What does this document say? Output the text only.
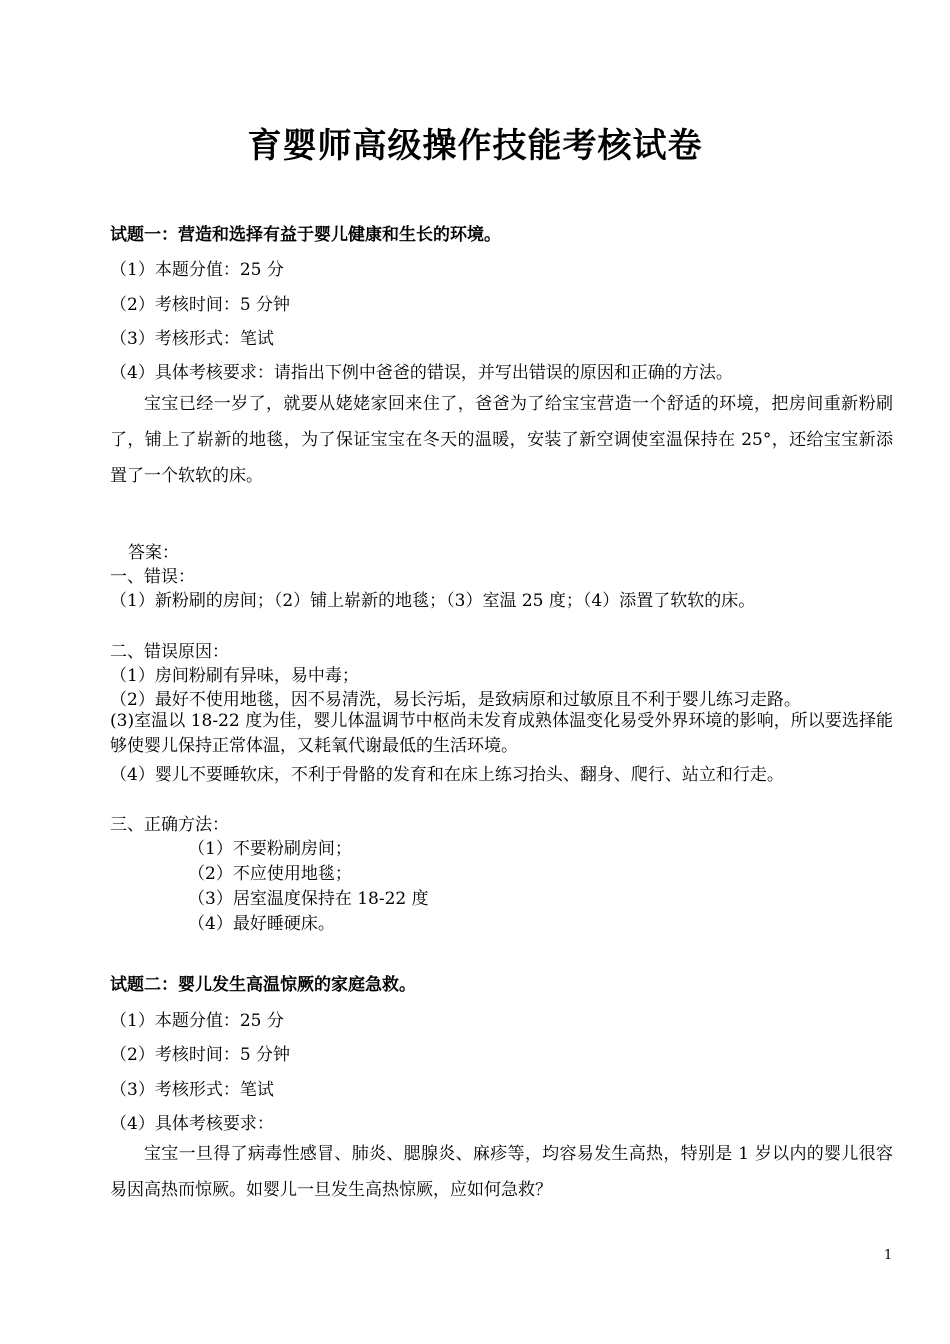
育婴师高级操作技能考核试卷
试题一：营造和选择有益于婴儿健康和生长的环境。
（1）本题分值：25 分
（2）考核时间：5 分钟
（3）考核形式：笔试
（4）具体考核要求：请指出下例中爸爸的错误，并写出错误的原因和正确的方法。
宝宝已经一岁了，就要从姥姥家回来住了，爸爸为了给宝宝营造一个舒适的环境，把房间重新粉刷了，铺上了崭新的地毯，为了保证宝宝在冬天的温暖，安装了新空调使室温保持在 25°，还给宝宝新添置了一个软软的床。
答案：
一、错误：
（1）新粉刷的房间；（2）铺上崭新的地毯；（3）室温 25 度；（4）添置了软软的床。
二、错误原因：
（1）房间粉刷有异味，易中毒；
（2）最好不使用地毯，因不易清洗，易长污垢，是致病原和过敏原且不利于婴儿练习走路。
(3)室温以 18-22 度为佳，婴儿体温调节中枢尚未发育成熟体温变化易受外界环境的影响，所以要选择能够使婴儿保持正常体温，又耗氧代谢最低的生活环境。
（4）婴儿不要睡软床，不利于骨骼的发育和在床上练习抬头、翻身、爬行、站立和行走。
三、正确方法：
（1）不要粉刷房间；
（2）不应使用地毯；
（3）居室温度保持在 18-22 度
（4）最好睡硬床。
试题二：婴儿发生高温惊厥的家庭急救。
（1）本题分值：25 分
（2）考核时间：5 分钟
（3）考核形式：笔试
（4）具体考核要求：
宝宝一旦得了病毒性感冒、肺炎、腮腺炎、麻疹等，均容易发生高热，特别是 1 岁以内的婴儿很容易因高热而惊厥。如婴儿一旦发生高热惊厥，应如何急救？
1
